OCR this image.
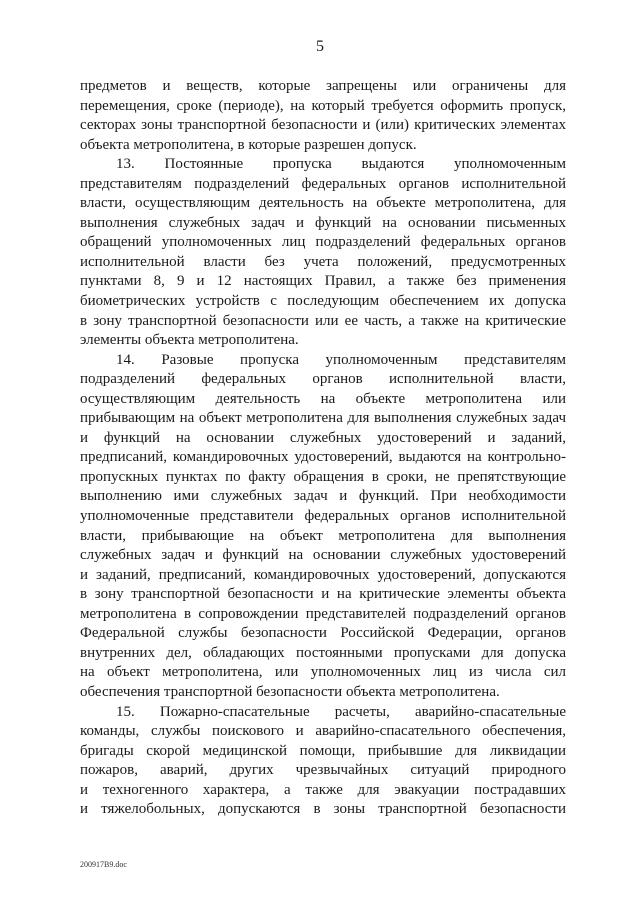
5
предметов и веществ, которые запрещены или ограничены для
перемещения, сроке (периоде), на который требуется оформить пропуск,
секторах зоны транспортной безопасности и (или) критических элементах
объекта метрополитена, в которые разрешен допуск.
13. Постоянные пропуска выдаются уполномоченным
представителям подразделений федеральных органов исполнительной
власти, осуществляющим деятельность на объекте метрополитена, для
выполнения служебных задач и функций на основании письменных
обращений уполномоченных лиц подразделений федеральных органов
исполнительной власти без учета положений, предусмотренных
пунктами 8, 9 и 12 настоящих Правил, а также без применения
биометрических устройств с последующим обеспечением их допуска
в зону транспортной безопасности или ее часть, а также на критические
элементы объекта метрополитена.
14. Разовые пропуска уполномоченным представителям
подразделений федеральных органов исполнительной власти,
осуществляющим деятельность на объекте метрополитена или
прибывающим на объект метрополитена для выполнения служебных задач
и функций на основании служебных удостоверений и заданий,
предписаний, командировочных удостоверений, выдаются на контрольно-
пропускных пунктах по факту обращения в сроки, не препятствующие
выполнению ими служебных задач и функций. При необходимости
уполномоченные представители федеральных органов исполнительной
власти, прибывающие на объект метрополитена для выполнения
служебных задач и функций на основании служебных удостоверений
и заданий, предписаний, командировочных удостоверений, допускаются
в зону транспортной безопасности и на критические элементы объекта
метрополитена в сопровождении представителей подразделений органов
Федеральной службы безопасности Российской Федерации, органов
внутренних дел, обладающих постоянными пропусками для допуска
на объект метрополитена, или уполномоченных лиц из числа сил
обеспечения транспортной безопасности объекта метрополитена.
15. Пожарно-спасательные расчеты, аварийно-спасательные
команды, службы поискового и аварийно-спасательного обеспечения,
бригады скорой медицинской помощи, прибывшие для ликвидации
пожаров, аварий, других чрезвычайных ситуаций природного
и техногенного характера, а также для эвакуации пострадавших
и тяжелобольных, допускаются в зоны транспортной безопасности
200917B9.doc
